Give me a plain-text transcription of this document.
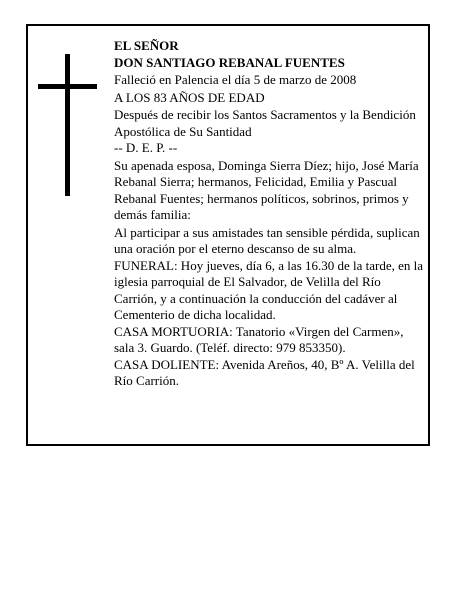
EL SEÑOR

DON SANTIAGO REBANAL FUENTES

Falleció en Palencia el día 5 de marzo de 2008

A LOS 83 AÑOS DE EDAD

Después de recibir los Santos Sacramentos y la Bendición Apostólica de Su Santidad

-- D. E. P. --

Su apenada esposa, Dominga Sierra Díez; hijo, José María Rebanal Sierra; hermanos, Felicidad, Emilia y Pascual Rebanal Fuentes; hermanos políticos, sobrinos, primos y demás familia:

Al participar a sus amistades tan sensible pérdida, suplican una oración por el eterno descanso de su alma.

FUNERAL: Hoy jueves, día 6, a las 16.30 de la tarde, en la iglesia parroquial de El Salvador, de Velilla del Río Carrión, y a continuación la conducción del cadáver al Cementerio de dicha localidad.

CASA MORTUORIA: Tanatorio «Virgen del Carmen», sala 3. Guardo. (Teléf. directo: 979 853350).

CASA DOLIENTE: Avenida Areños, 40, Bº A. Velilla del Río Carrión.
